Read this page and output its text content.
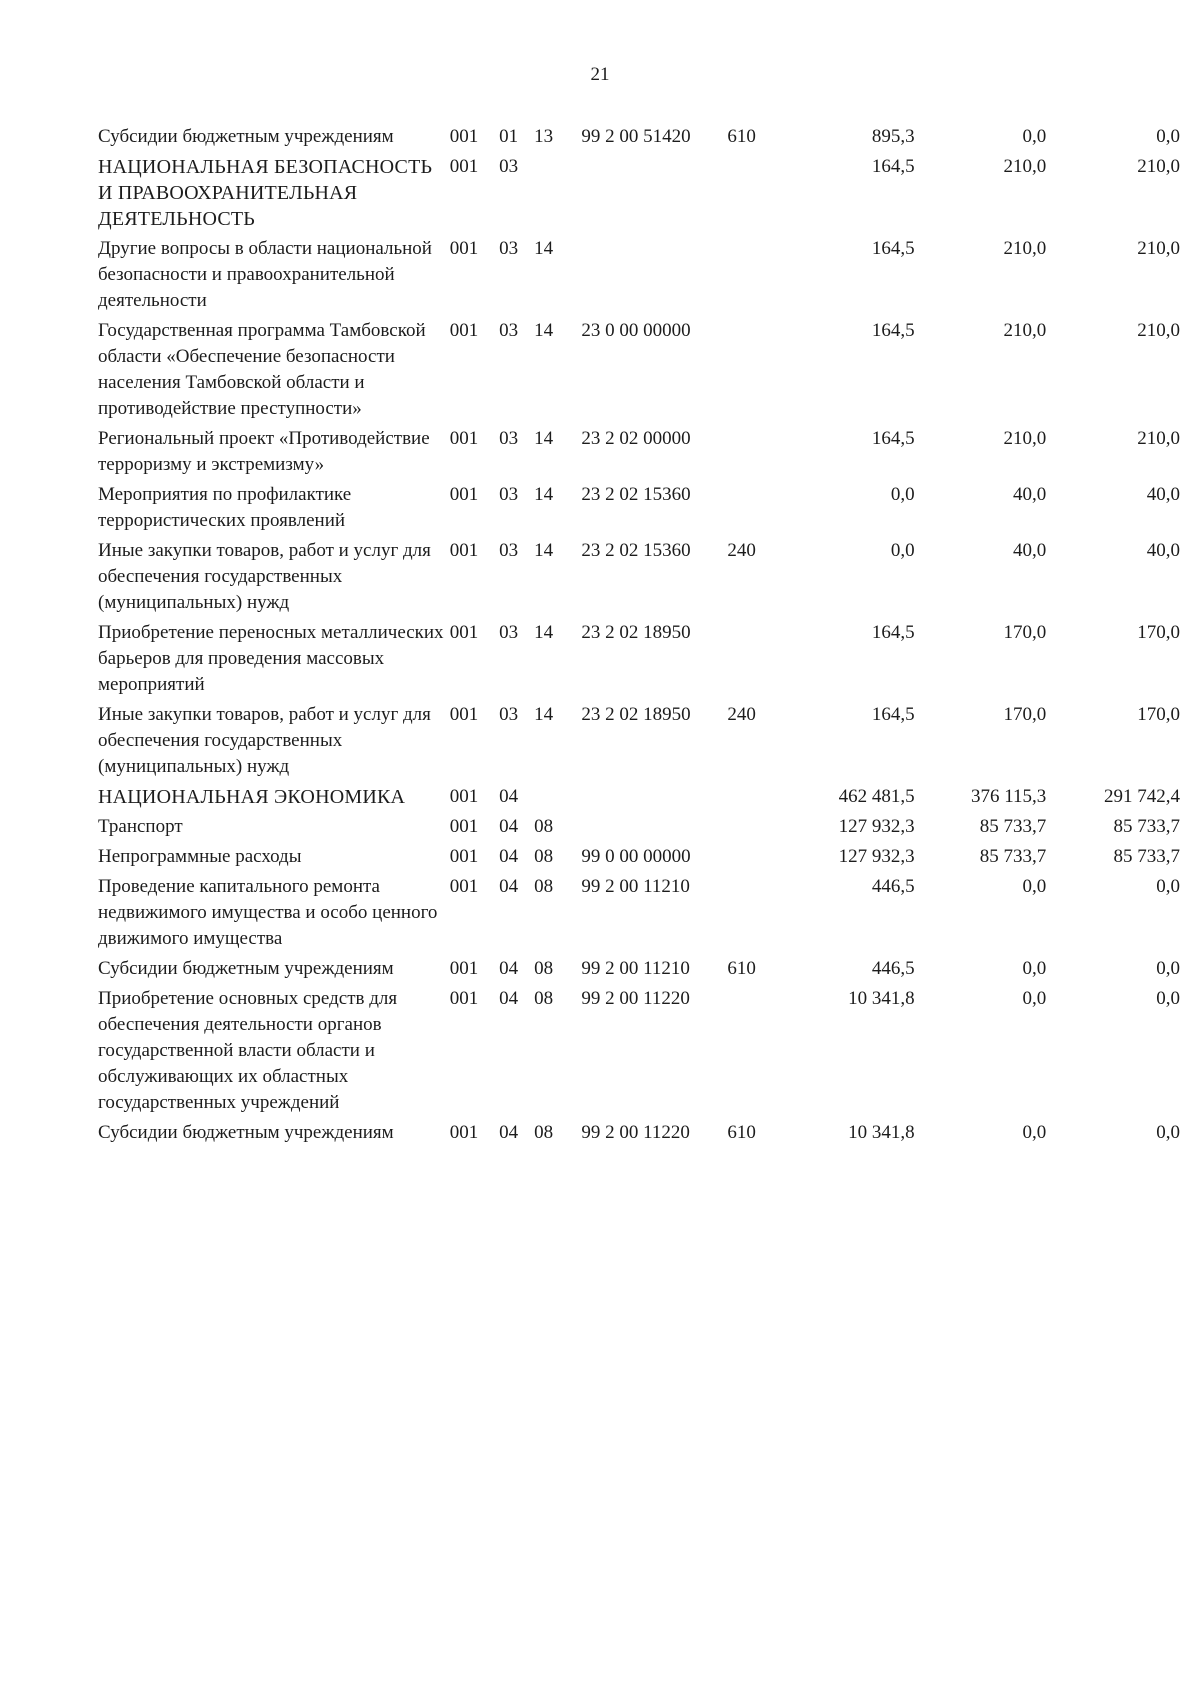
21
Субсидии бюджетным учреждениям	001	01	13	99 2 00 51420	610	895,3	0,0	0,0

НАЦИОНАЛЬНАЯ БЕЗОПАСНОСТЬ И ПРАВООХРАНИТЕЛЬНАЯ ДЕЯТЕЛЬНОСТЬ	001	03				164,5	210,0	210,0

Другие вопросы в области национальной безопасности и правоохранительной деятельности	001	03	14			164,5	210,0	210,0

Государственная программа Тамбовской области «Обеспечение безопасности населения Тамбовской области и противодействие преступности»	001	03	14	23 0 00 00000		164,5	210,0	210,0

Региональный проект «Противодействие терроризму и экстремизму»	001	03	14	23 2 02 00000		164,5	210,0	210,0

Мероприятия по профилактике террористических проявлений	001	03	14	23 2 02 15360		0,0	40,0	40,0

Иные закупки товаров, работ и услуг для обеспечения государственных (муниципальных) нужд	001	03	14	23 2 02 15360	240	0,0	40,0	40,0

Приобретение переносных металлических барьеров для проведения массовых мероприятий	001	03	14	23 2 02 18950		164,5	170,0	170,0

Иные закупки товаров, работ и услуг для обеспечения государственных (муниципальных) нужд	001	03	14	23 2 02 18950	240	164,5	170,0	170,0

НАЦИОНАЛЬНАЯ ЭКОНОМИКА	001	04				462 481,5	376 115,3	291 742,4

Транспорт	001	04	08			127 932,3	85 733,7	85 733,7

Непрограммные расходы	001	04	08	99 0 00 00000		127 932,3	85 733,7	85 733,7

Проведение капитального ремонта недвижимого имущества и особо ценного движимого имущества	001	04	08	99 2 00 11210		446,5	0,0	0,0

Субсидии бюджетным учреждениям	001	04	08	99 2 00 11210	610	446,5	0,0	0,0

Приобретение основных средств для обеспечения деятельности органов государственной власти области и обслуживающих их областных государственных учреждений	001	04	08	99 2 00 11220		10 341,8	0,0	0,0

Субсидии бюджетным учреждениям	001	04	08	99 2 00 11220	610	10 341,8	0,0	0,0
